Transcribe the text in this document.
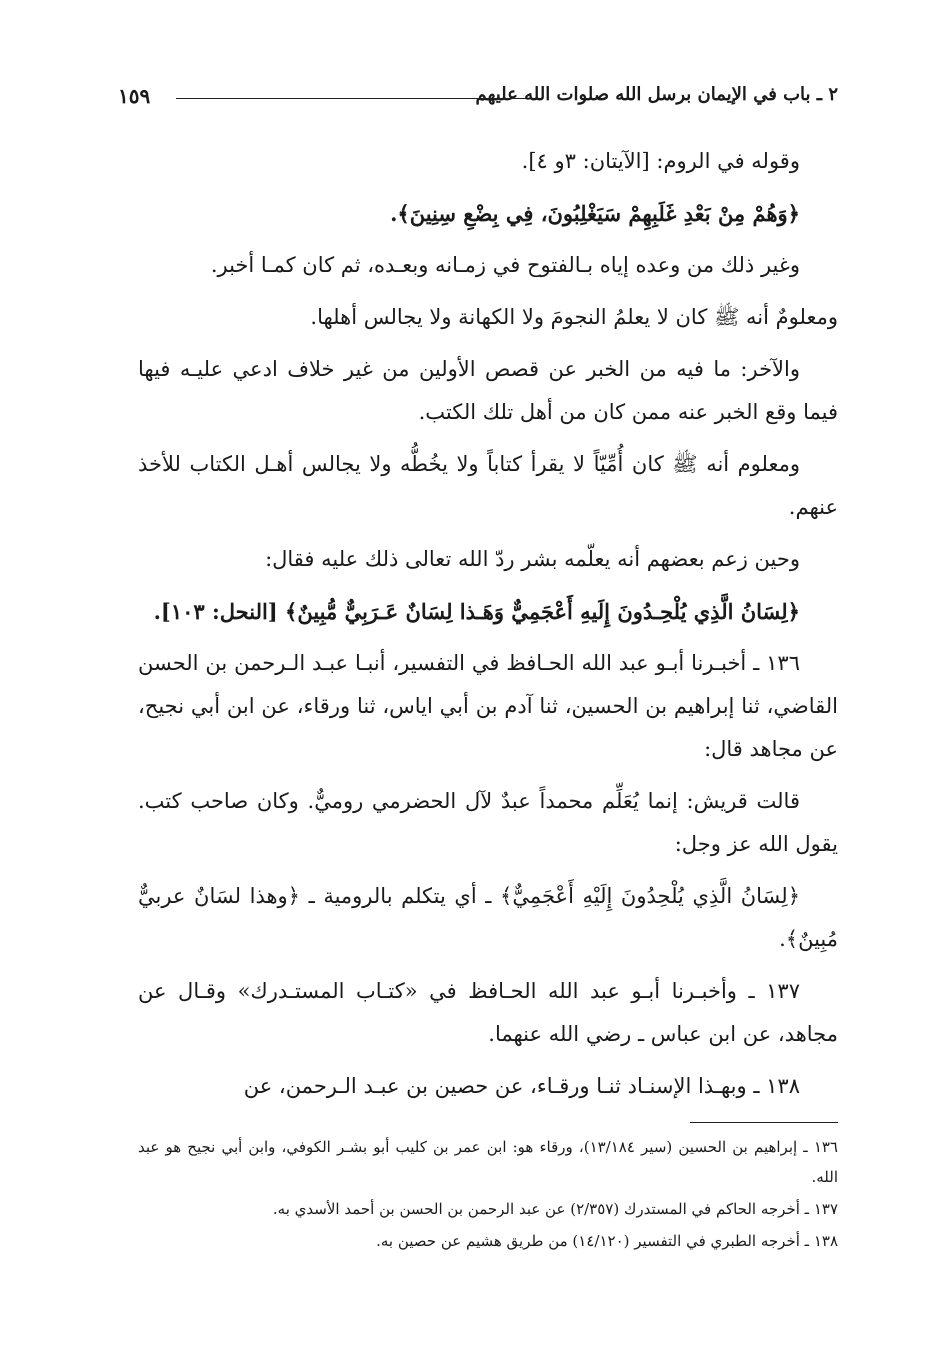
٢ ـ باب في الإيمان برسل الله صلوات الله عليهم
١٥٩

وقوله في الروم: [الآيتان: ٣و ٤].

﴿وَهُمْ مِنْ بَعْدِ غَلَبِهِمْ سَيَغْلِبُونَ، فِي بِضْعِ سِنِينَ﴾.

وغير ذلك من وعده إياه بـالفتوح في زمـانه وبعـده، ثم كان كمـا أخبر.

ومعلومٌ أنه ﷺ كان لا يعلمُ النجومَ ولا الكهانة ولا يجالس أهلها.

والآخر: ما فيه من الخبر عن قصص الأولين من غير خلاف ادعي عليـه فيها فيما وقع الخبر عنه ممن كان من أهل تلك الكتب.

ومعلوم أنه ﷺ كان أُمِّيّاً لا يقرأ كتاباً ولا يخُطُّه ولا يجالس أهـل الكتاب للأخذ عنهم.

وحين زعم بعضهم أنه يعلّمه بشر ردّ الله تعالى ذلك عليه فقال:

﴿لِسَانُ الَّذِي يُلْحِـدُونَ إِلَيهِ أَعْجَمِيٌّ وَهَـذا لِسَانٌ عَـرَبِيٌّ مُّبِينٌ﴾ [النحل: ١٠٣].

١٣٦ ـ أخبـرنا أبـو عبد الله الحـافظ في التفسير، أنبـا عبـد الـرحمن بن الحسن القاضي، ثنا إبراهيم بن الحسين، ثنا آدم بن أبي اياس، ثنا ورقاء، عن ابن أبي نجيح، عن مجاهد قال:

قالت قريش: إنما يُعَلِّم محمداً عبدٌ لآل الحضرمي روميٌّ. وكان صاحب كتب. يقول الله عز وجل:

﴿لِسَانُ الَّذِي يُلْحِدُونَ إِلَيْهِ أَعْجَمِيٌّ﴾ ـ أي يتكلم بالرومية ـ ﴿وهذا لسَانٌ عربيٌّ مُبِينٌ﴾.

١٣٧ ـ وأخبـرنا أبـو عبد الله الحـافظ في «كتـاب المستـدرك» وقـال عن مجاهد، عن ابن عباس ـ رضي الله عنهما.

١٣٨ ـ وبهـذا الإسنـاد ثنـا ورقـاء، عن حصين بن عبـد الـرحمن، عن

١٣٦ ـ إبراهيم بن الحسين (سير ١٣/١٨٤)، ورقاء هو: ابن عمر بن كليب أبو بشـر الكوفي، وابن أبي نجيح هو عبد الله.

١٣٧ ـ أخرجه الحاكم في المستدرك (٢/٣٥٧) عن عبد الرحمن بن الحسن بن أحمد الأسدي به.

١٣٨ ـ أخرجه الطبري في التفسير (١٤/١٢٠) من طريق هشيم عن حصين به.
